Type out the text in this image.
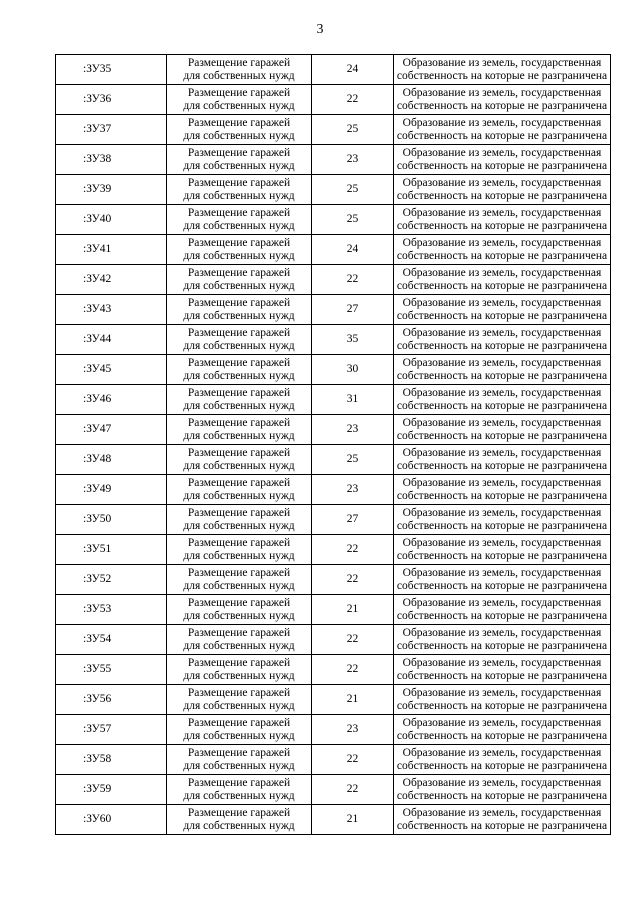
3
:ЗУ35	Размещение гаражей
для собственных нужд	24	Образование из земель, государственная
собственность на которые не разграничена

:ЗУ36	Размещение гаражей
для собственных нужд	22	Образование из земель, государственная
собственность на которые не разграничена

:ЗУ37	Размещение гаражей
для собственных нужд	25	Образование из земель, государственная
собственность на которые не разграничена

:ЗУ38	Размещение гаражей
для собственных нужд	23	Образование из земель, государственная
собственность на которые не разграничена

:ЗУ39	Размещение гаражей
для собственных нужд	25	Образование из земель, государственная
собственность на которые не разграничена

:ЗУ40	Размещение гаражей
для собственных нужд	25	Образование из земель, государственная
собственность на которые не разграничена

:ЗУ41	Размещение гаражей
для собственных нужд	24	Образование из земель, государственная
собственность на которые не разграничена

:ЗУ42	Размещение гаражей
для собственных нужд	22	Образование из земель, государственная
собственность на которые не разграничена

:ЗУ43	Размещение гаражей
для собственных нужд	27	Образование из земель, государственная
собственность на которые не разграничена

:ЗУ44	Размещение гаражей
для собственных нужд	35	Образование из земель, государственная
собственность на которые не разграничена

:ЗУ45	Размещение гаражей
для собственных нужд	30	Образование из земель, государственная
собственность на которые не разграничена

:ЗУ46	Размещение гаражей
для собственных нужд	31	Образование из земель, государственная
собственность на которые не разграничена

:ЗУ47	Размещение гаражей
для собственных нужд	23	Образование из земель, государственная
собственность на которые не разграничена

:ЗУ48	Размещение гаражей
для собственных нужд	25	Образование из земель, государственная
собственность на которые не разграничена

:ЗУ49	Размещение гаражей
для собственных нужд	23	Образование из земель, государственная
собственность на которые не разграничена

:ЗУ50	Размещение гаражей
для собственных нужд	27	Образование из земель, государственная
собственность на которые не разграничена

:ЗУ51	Размещение гаражей
для собственных нужд	22	Образование из земель, государственная
собственность на которые не разграничена

:ЗУ52	Размещение гаражей
для собственных нужд	22	Образование из земель, государственная
собственность на которые не разграничена

:ЗУ53	Размещение гаражей
для собственных нужд	21	Образование из земель, государственная
собственность на которые не разграничена

:ЗУ54	Размещение гаражей
для собственных нужд	22	Образование из земель, государственная
собственность на которые не разграничена

:ЗУ55	Размещение гаражей
для собственных нужд	22	Образование из земель, государственная
собственность на которые не разграничена

:ЗУ56	Размещение гаражей
для собственных нужд	21	Образование из земель, государственная
собственность на которые не разграничена

:ЗУ57	Размещение гаражей
для собственных нужд	23	Образование из земель, государственная
собственность на которые не разграничена

:ЗУ58	Размещение гаражей
для собственных нужд	22	Образование из земель, государственная
собственность на которые не разграничена

:ЗУ59	Размещение гаражей
для собственных нужд	22	Образование из земель, государственная
собственность на которые не разграничена

:ЗУ60	Размещение гаражей
для собственных нужд	21	Образование из земель, государственная
собственность на которые не разграничена
